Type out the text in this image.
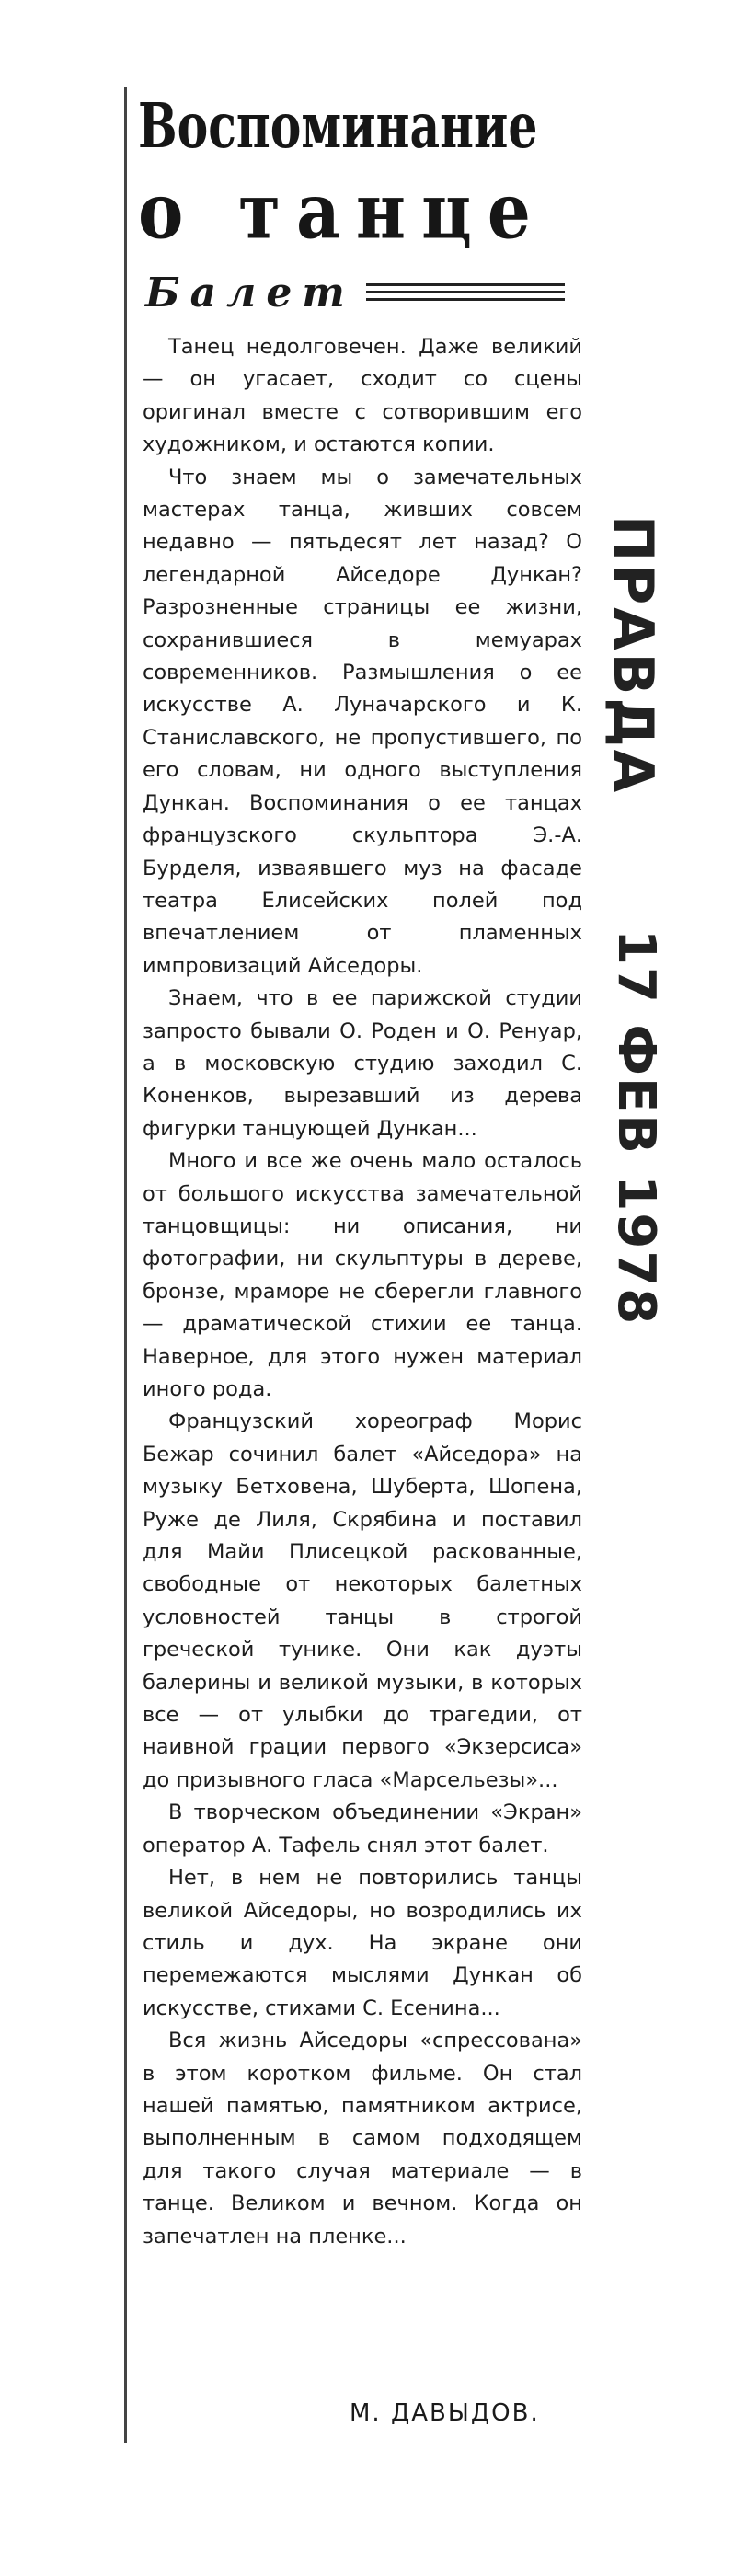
Воспоминание
о танце
Балет

Танец недолговечен. Даже великий — он угасает, сходит со сцены оригинал вместе с сотворившим его художником, и остаются копии.

Что знаем мы о замечательных мастерах танца, живших совсем недавно — пятьдесят лет назад? О легендарной Айседоре Дункан? Разрозненные страницы ее жизни, сохранившиеся в мемуарах современников. Размышления о ее искусстве А. Луначарского и К. Станиславского, не пропустившего, по его словам, ни одного выступления Дункан. Воспоминания о ее танцах французского скульптора Э.-А. Бурделя, изваявшего муз на фасаде театра Елисейских полей под впечатлением от пламенных импровизаций Айседоры.

Знаем, что в ее парижской студии запросто бывали О. Роден и О. Ренуар, а в московскую студию заходил С. Коненков, вырезавший из дерева фигурки танцующей Дункан...

Много и все же очень мало осталось от большого искусства замечательной танцовщицы: ни описания, ни фотографии, ни скульптуры в дереве, бронзе, мраморе не сберегли главного — драматической стихии ее танца. Наверное, для этого нужен материал иного рода.

Французский хореограф Морис Бежар сочинил балет «Айседора» на музыку Бетховена, Шуберта, Шопена, Руже де Лиля, Скрябина и поставил для Майи Плисецкой раскованные, свободные от некоторых балетных условностей танцы в строгой греческой тунике. Они как дуэты балерины и великой музыки, в которых все — от улыбки до трагедии, от наивной грации первого «Экзерсиса» до призывного гласа «Марсельезы»...

В творческом объединении «Экран» оператор А. Тафель снял этот балет.

Нет, в нем не повторились танцы великой Айседоры, но возродились их стиль и дух. На экране они перемежаются мыслями Дункан об искусстве, стихами С. Есенина...

Вся жизнь Айседоры «спрессована» в этом коротком фильме. Он стал нашей памятью, памятником актрисе, выполненным в самом подходящем для такого случая материале — в танце. Великом и вечном. Когда он запечатлен на пленке...

М. ДАВЫДОВ.
ПРАВДА
17 ФЕВ 1978
